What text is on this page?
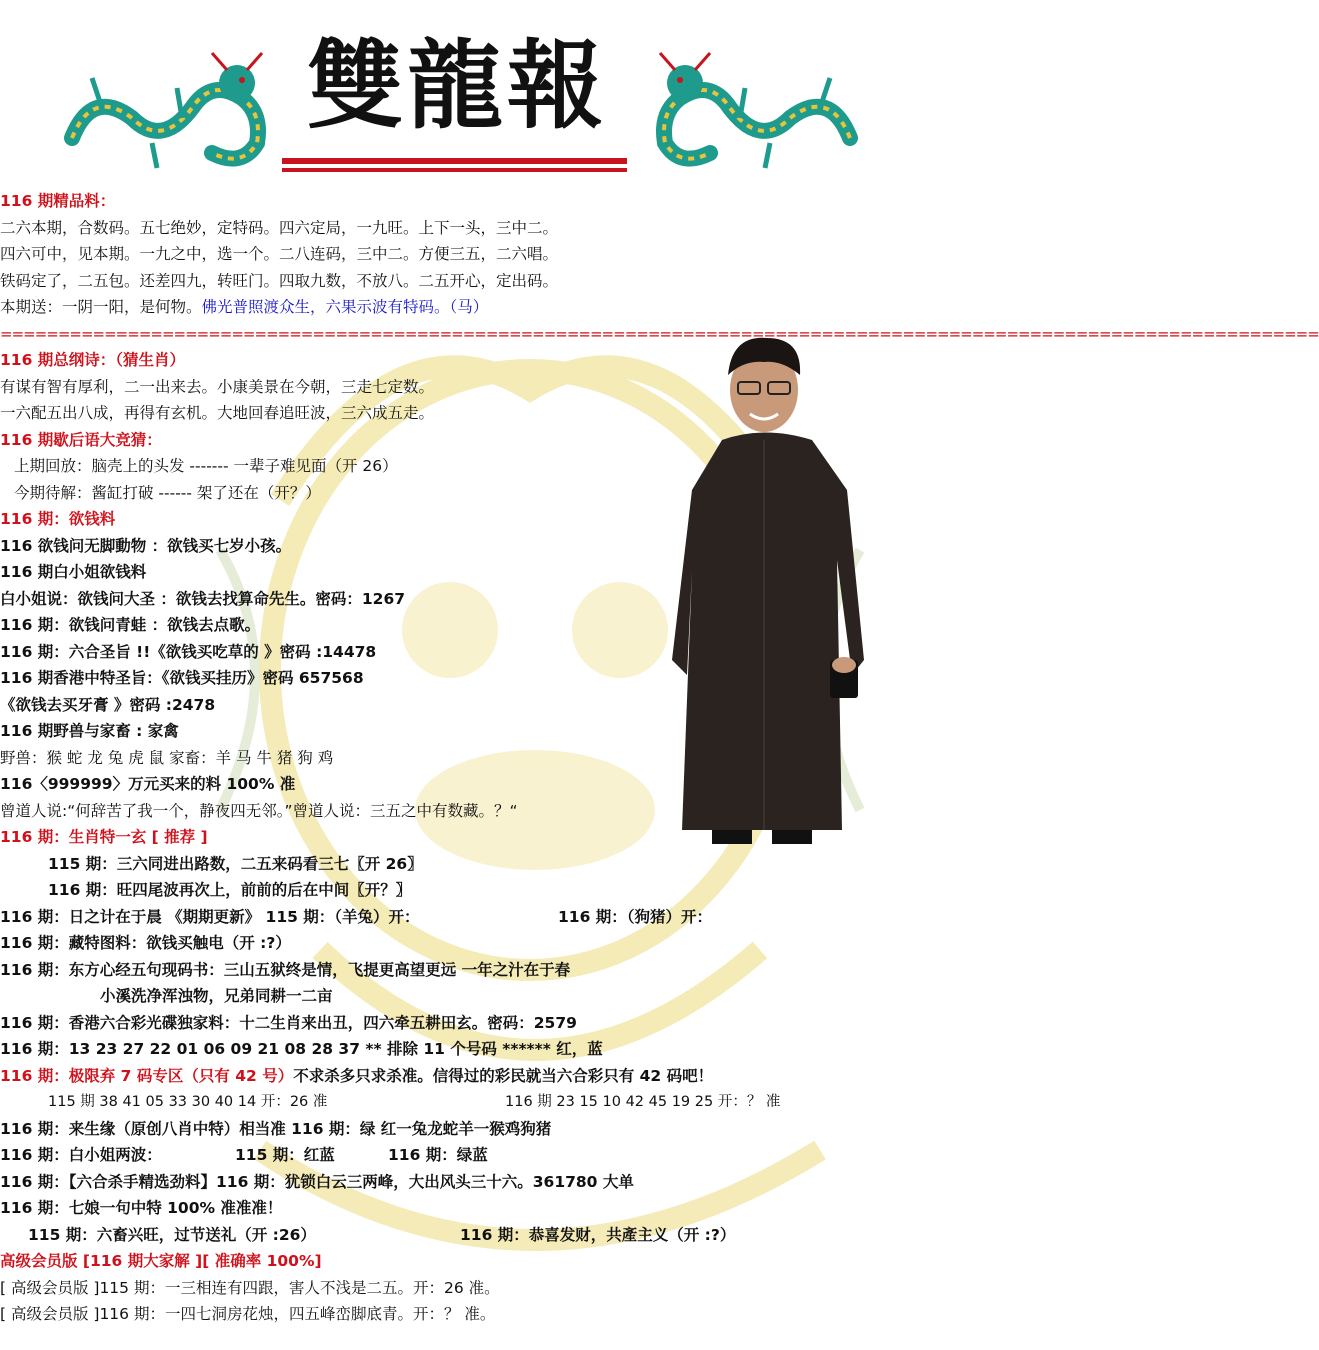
雙龍報
116 期精品料：
二六本期，合数码。五七绝妙，定特码。四六定局，一九旺。上下一头，三中二。
四六可中，见本期。一九之中，选一个。二八连码，三中二。方便三五，二六唱。
铁码定了，二五包。还差四九，转旺门。四取九数，不放八。二五开心，定出码。
本期送：一阴一阳，是何物。佛光普照渡众生，六果示波有特码。（马）
==================================================================================================================
116 期总纲诗：（猜生肖）
有谋有智有厚利，二一出来去。小康美景在今朝，三走七定数。
一六配五出八成，再得有玄机。大地回春追旺波，三六成五走。
116 期歇后语大竞猜：
上期回放：脑壳上的头发 ------- 一辈子难见面（开 26）
今期待解：酱缸打破 ------ 架了还在（开？）
116 期：欲钱料
116 欲钱问无脚動物 ：欲钱买七岁小孩。
116 期白小姐欲钱料
白小姐说：欲钱问大圣 ：欲钱去找算命先生。密码：1267
116 期：欲钱问青蛙 ：欲钱去点歌。
116 期：六合圣旨 !!《欲钱买吃草的 》密码 :14478
116 期香港中特圣旨：《欲钱买挂历》密码 657568
《欲钱去买牙膏 》密码 :2478
116 期野兽与家畜 : 家禽
野兽：猴 蛇 龙 兔 虎 鼠 家畜：羊 马 牛 猪 狗 鸡
116〈999999〉万元买来的料 100% 准
曾道人说:“何辞苦了我一个，静夜四无邻。”曾道人说：三五之中有数藏。？“
116 期：生肖特一玄 [ 推荐 ]
115 期：三六同进出路数，二五来码看三七〖开 26〗
116 期：旺四尾波再次上，前前的后在中间〖开？〗
116 期：日之计在于晨 《期期更新》 115 期：（羊兔）开：	116 期：（狗猪）开：
116 期：藏特图料：欲钱买触电（开 :?）
116 期：东方心经五句现码书：三山五狱终是情，飞提更高望更远 一年之汁在于春
小溪洗净浑浊物，兄弟同耕一二亩
116 期：香港六合彩光碟独家料：十二生肖来出丑，四六牵五耕田玄。密码：2579
116 期：13 23 27 22 01 06 09 21 08 28 37 ** 排除 11 个号码 ****** 红，蓝
116 期：极限弃 7 码专区（只有 42 号）不求杀多只求杀准。信得过的彩民就当六合彩只有 42 码吧！
115 期 38 41 05 33 30 40 14 开：26 准	116 期 23 15 10 42 45 19 25 开：？ 准
116 期：来生缘（原创八肖中特）相当准 116 期：绿 红一兔龙蛇羊一猴鸡狗猪
116 期：白小姐两波：	115 期：红蓝	116 期：绿蓝
116 期：【六合杀手精选劲料】116 期：犹锁白云三两峰，大出风头三十六。361780 大单
116 期：七娘一句中特 100% 准准准！
115 期：六畜兴旺，过节送礼（开 :26）	116 期：恭喜发财，共產主义（开 :?）
高级会员版 [116 期大家解 ][ 准确率 100%]
[ 高级会员版 ]115 期：一三相连有四跟，害人不浅是二五。开：26 准。
[ 高级会员版 ]116 期：一四七洞房花烛，四五峰峦脚底青。开：？ 准。
